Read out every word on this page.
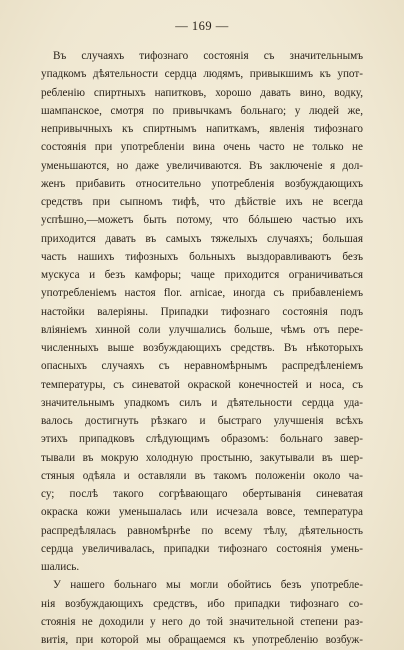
— 169 —
Въ случаяхъ тифознаго состоянія съ значительнымъ
упадкомъ дѣятельности сердца людямъ, привыкшимъ къ упот-
ребленію спиртныхъ напитковъ, хорошо давать вино, водку,
шампанское, смотря по привычкамъ больнаго; у людей же,
непривычныхъ къ спиртнымъ напиткамъ, явленія тифознаго
состоянія при употребленіи вина очень часто не только не
уменьшаются, но даже увеличиваются. Въ заключеніе я дол-
женъ прибавить относительно употребленія возбуждающихъ
средствъ при сыпномъ тифѣ, что дѣйствіе ихъ не всегда
успѣшно,—можетъ быть потому, что бóльшею частью ихъ
приходится давать въ самыхъ тяжелыхъ случаяхъ; большая
часть нашихъ тифозныхъ больныхъ выздоравливаютъ безъ
мускуса и безъ камфоры; чаще приходится ограничиваться
употребленіемъ настоя flor. arnicae, иногда съ прибавленіемъ
настойки валеріяны. Припадки тифознаго состоянія подъ
вліяніемъ хинной соли улучшались больше, чѣмъ отъ пере-
численныхъ выше возбуждающихъ средствъ. Въ нѣкоторыхъ
опасныхъ случаяхъ съ неравномѣрнымъ распредѣленіемъ
температуры, съ синеватой окраской конечностей и носа, съ
значительнымъ упадкомъ силъ и дѣятельности сердца уда-
валось достигнуть рѣзкаго и быстраго улучшенія всѣхъ
этихъ припадковъ слѣдующимъ образомъ: больнаго завер-
тывали въ мокрую холодную простыню, закутывали въ шер-
стяныя одѣяла и оставляли въ такомъ положеніи около ча-
су; послѣ такого согрѣвающаго обертыванія синеватая
окраска кожи уменьшалась или исчезала вовсе, температура
распредѣлялась равномѣрнѣе по всему тѣлу, дѣятельность
сердца увеличивалась, припадки тифознаго состоянія умень-
шались.
У нашего больнаго мы могли обойтись безъ употребле-
нія возбуждающихъ средствъ, ибо припадки тифознаго со-
стоянія не доходили у него до той значительной степени раз-
витія, при которой мы обращаемся къ употребленію возбуж-
